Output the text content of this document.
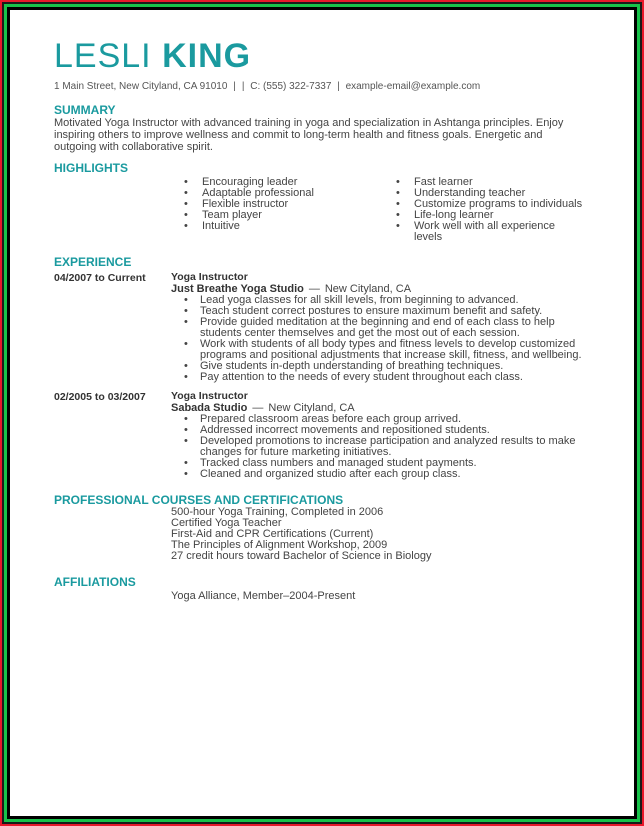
LESLI KING
1 Main Street, New Cityland, CA 91010 | | C: (555) 322-7337 | example-email@example.com
SUMMARY
Motivated Yoga Instructor with advanced training in yoga and specialization in Ashtanga principles. Enjoy inspiring others to improve wellness and commit to long-term health and fitness goals. Energetic and outgoing with collaborative spirit.
HIGHLIGHTS
• Encouraging leader
• Adaptable professional
• Flexible instructor
• Team player
• Intuitive
• Fast learner
• Understanding teacher
• Customize programs to individuals
• Life-long learner
• Work well with all experience levels
EXPERIENCE
04/2007 to Current Yoga Instructor
Just Breathe Yoga Studio — New Cityland, CA
• Lead yoga classes for all skill levels, from beginning to advanced.
• Teach student correct postures to ensure maximum benefit and safety.
• Provide guided meditation at the beginning and end of each class to help students center themselves and get the most out of each session.
• Work with students of all body types and fitness levels to develop customized programs and positional adjustments that increase skill, fitness, and wellbeing.
• Give students in-depth understanding of breathing techniques.
• Pay attention to the needs of every student throughout each class.
02/2005 to 03/2007 Yoga Instructor
Sabada Studio — New Cityland, CA
• Prepared classroom areas before each group arrived.
• Addressed incorrect movements and repositioned students.
• Developed promotions to increase participation and analyzed results to make changes for future marketing initiatives.
• Tracked class numbers and managed student payments.
• Cleaned and organized studio after each group class.
PROFESSIONAL COURSES AND CERTIFICATIONS
500-hour Yoga Training, Completed in 2006
Certified Yoga Teacher
First-Aid and CPR Certifications (Current)
The Principles of Alignment Workshop, 2009
27 credit hours toward Bachelor of Science in Biology
AFFILIATIONS
Yoga Alliance, Member–2004-Present
